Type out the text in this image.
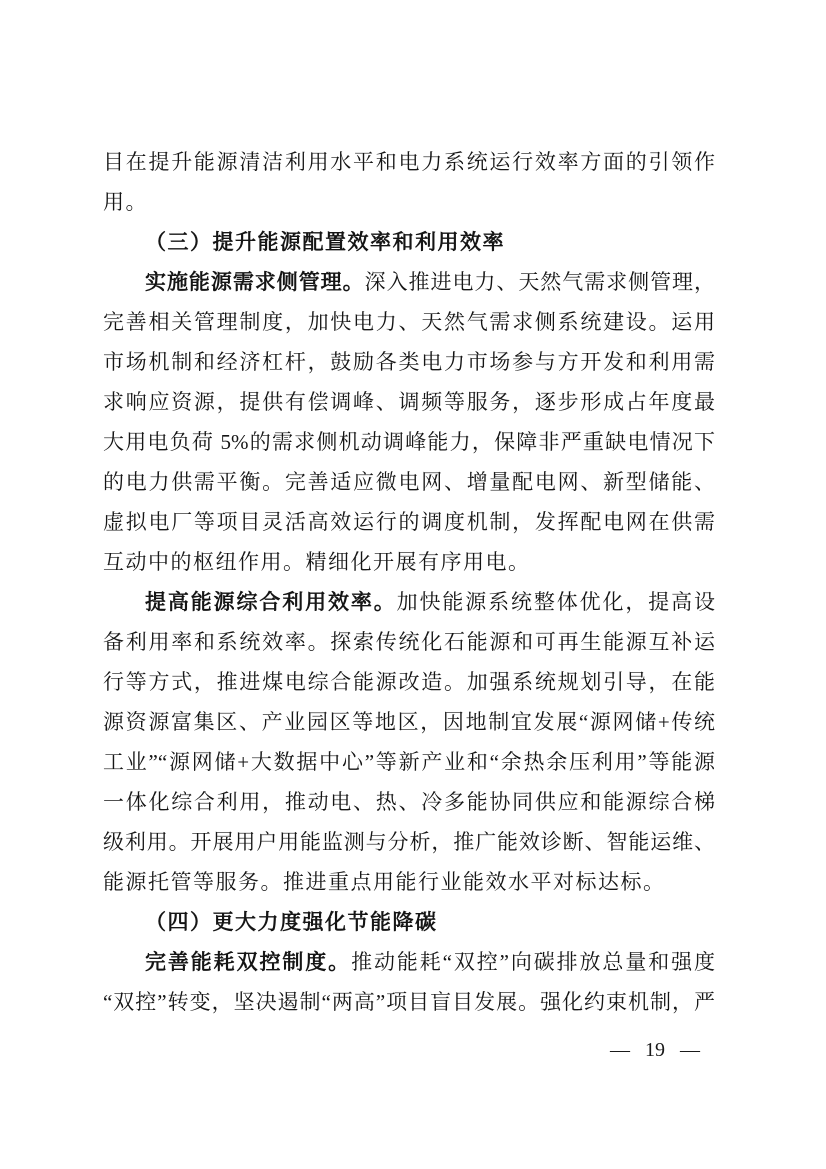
目在提升能源清洁利用水平和电力系统运行效率方面的引领作
用。
（三）提升能源配置效率和利用效率
实施能源需求侧管理。深入推进电力、天然气需求侧管理，
完善相关管理制度，加快电力、天然气需求侧系统建设。运用
市场机制和经济杠杆，鼓励各类电力市场参与方开发和利用需
求响应资源，提供有偿调峰、调频等服务，逐步形成占年度最
大用电负荷 5%的需求侧机动调峰能力，保障非严重缺电情况下
的电力供需平衡。完善适应微电网、增量配电网、新型储能、
虚拟电厂等项目灵活高效运行的调度机制，发挥配电网在供需
互动中的枢纽作用。精细化开展有序用电。
提高能源综合利用效率。加快能源系统整体优化，提高设
备利用率和系统效率。探索传统化石能源和可再生能源互补运
行等方式，推进煤电综合能源改造。加强系统规划引导，在能
源资源富集区、产业园区等地区，因地制宜发展“源网储+传统
工业”“源网储+大数据中心”等新产业和“余热余压利用”等能源
一体化综合利用，推动电、热、冷多能协同供应和能源综合梯
级利用。开展用户用能监测与分析，推广能效诊断、智能运维、
能源托管等服务。推进重点用能行业能效水平对标达标。
（四）更大力度强化节能降碳
完善能耗双控制度。推动能耗“双控”向碳排放总量和强度
“双控”转变，坚决遏制“两高”项目盲目发展。强化约束机制，严
— 19 —
